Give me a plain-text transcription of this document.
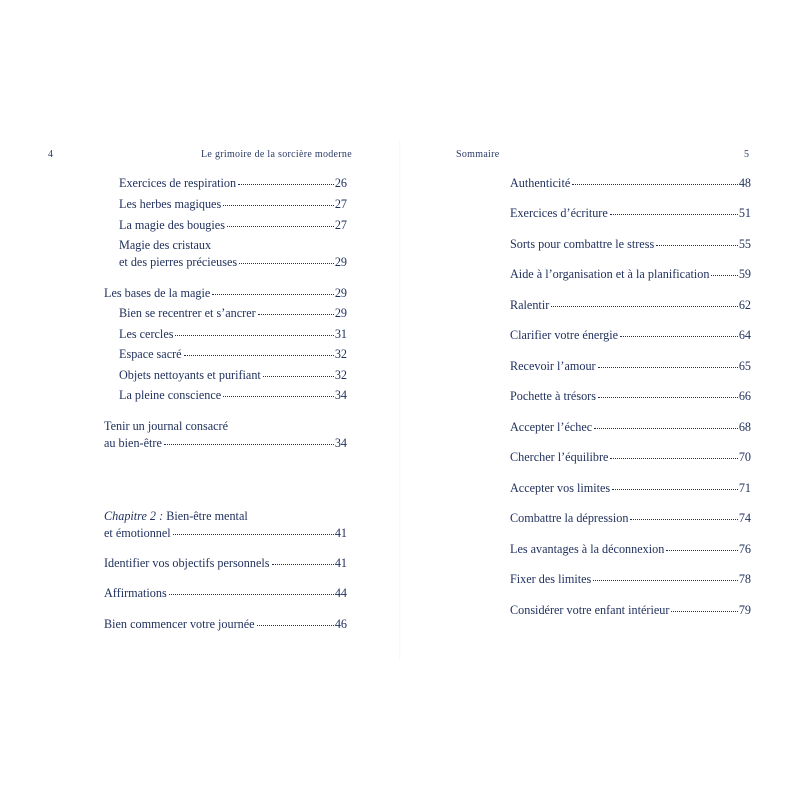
4	Le grimoire de la sorcière moderne	Sommaire	5
Exercices de respiration	26
Les herbes magiques	27
La magie des bougies	27
Magie des cristaux
et des pierres précieuses	29
Les bases de la magie	29
Bien se recentrer et s’ancrer	29
Les cercles	31
Espace sacré	32
Objets nettoyants et purifiant	32
La pleine conscience	34
Tenir un journal consacré
au bien-être	34
Chapitre 2 : Bien-être mental
et émotionnel	41
Identifier vos objectifs personnels	41
Affirmations	44
Bien commencer votre journée	46
Authenticité	48
Exercices d’écriture	51
Sorts pour combattre le stress	55
Aide à l’organisation et à la planification 59
Ralentir	62
Clarifier votre énergie	64
Recevoir l’amour	65
Pochette à trésors	66
Accepter l’échec	68
Chercher l’équilibre	70
Accepter vos limites	71
Combattre la dépression	74
Les avantages à la déconnexion	76
Fixer des limites	78
Considérer votre enfant intérieur	79
